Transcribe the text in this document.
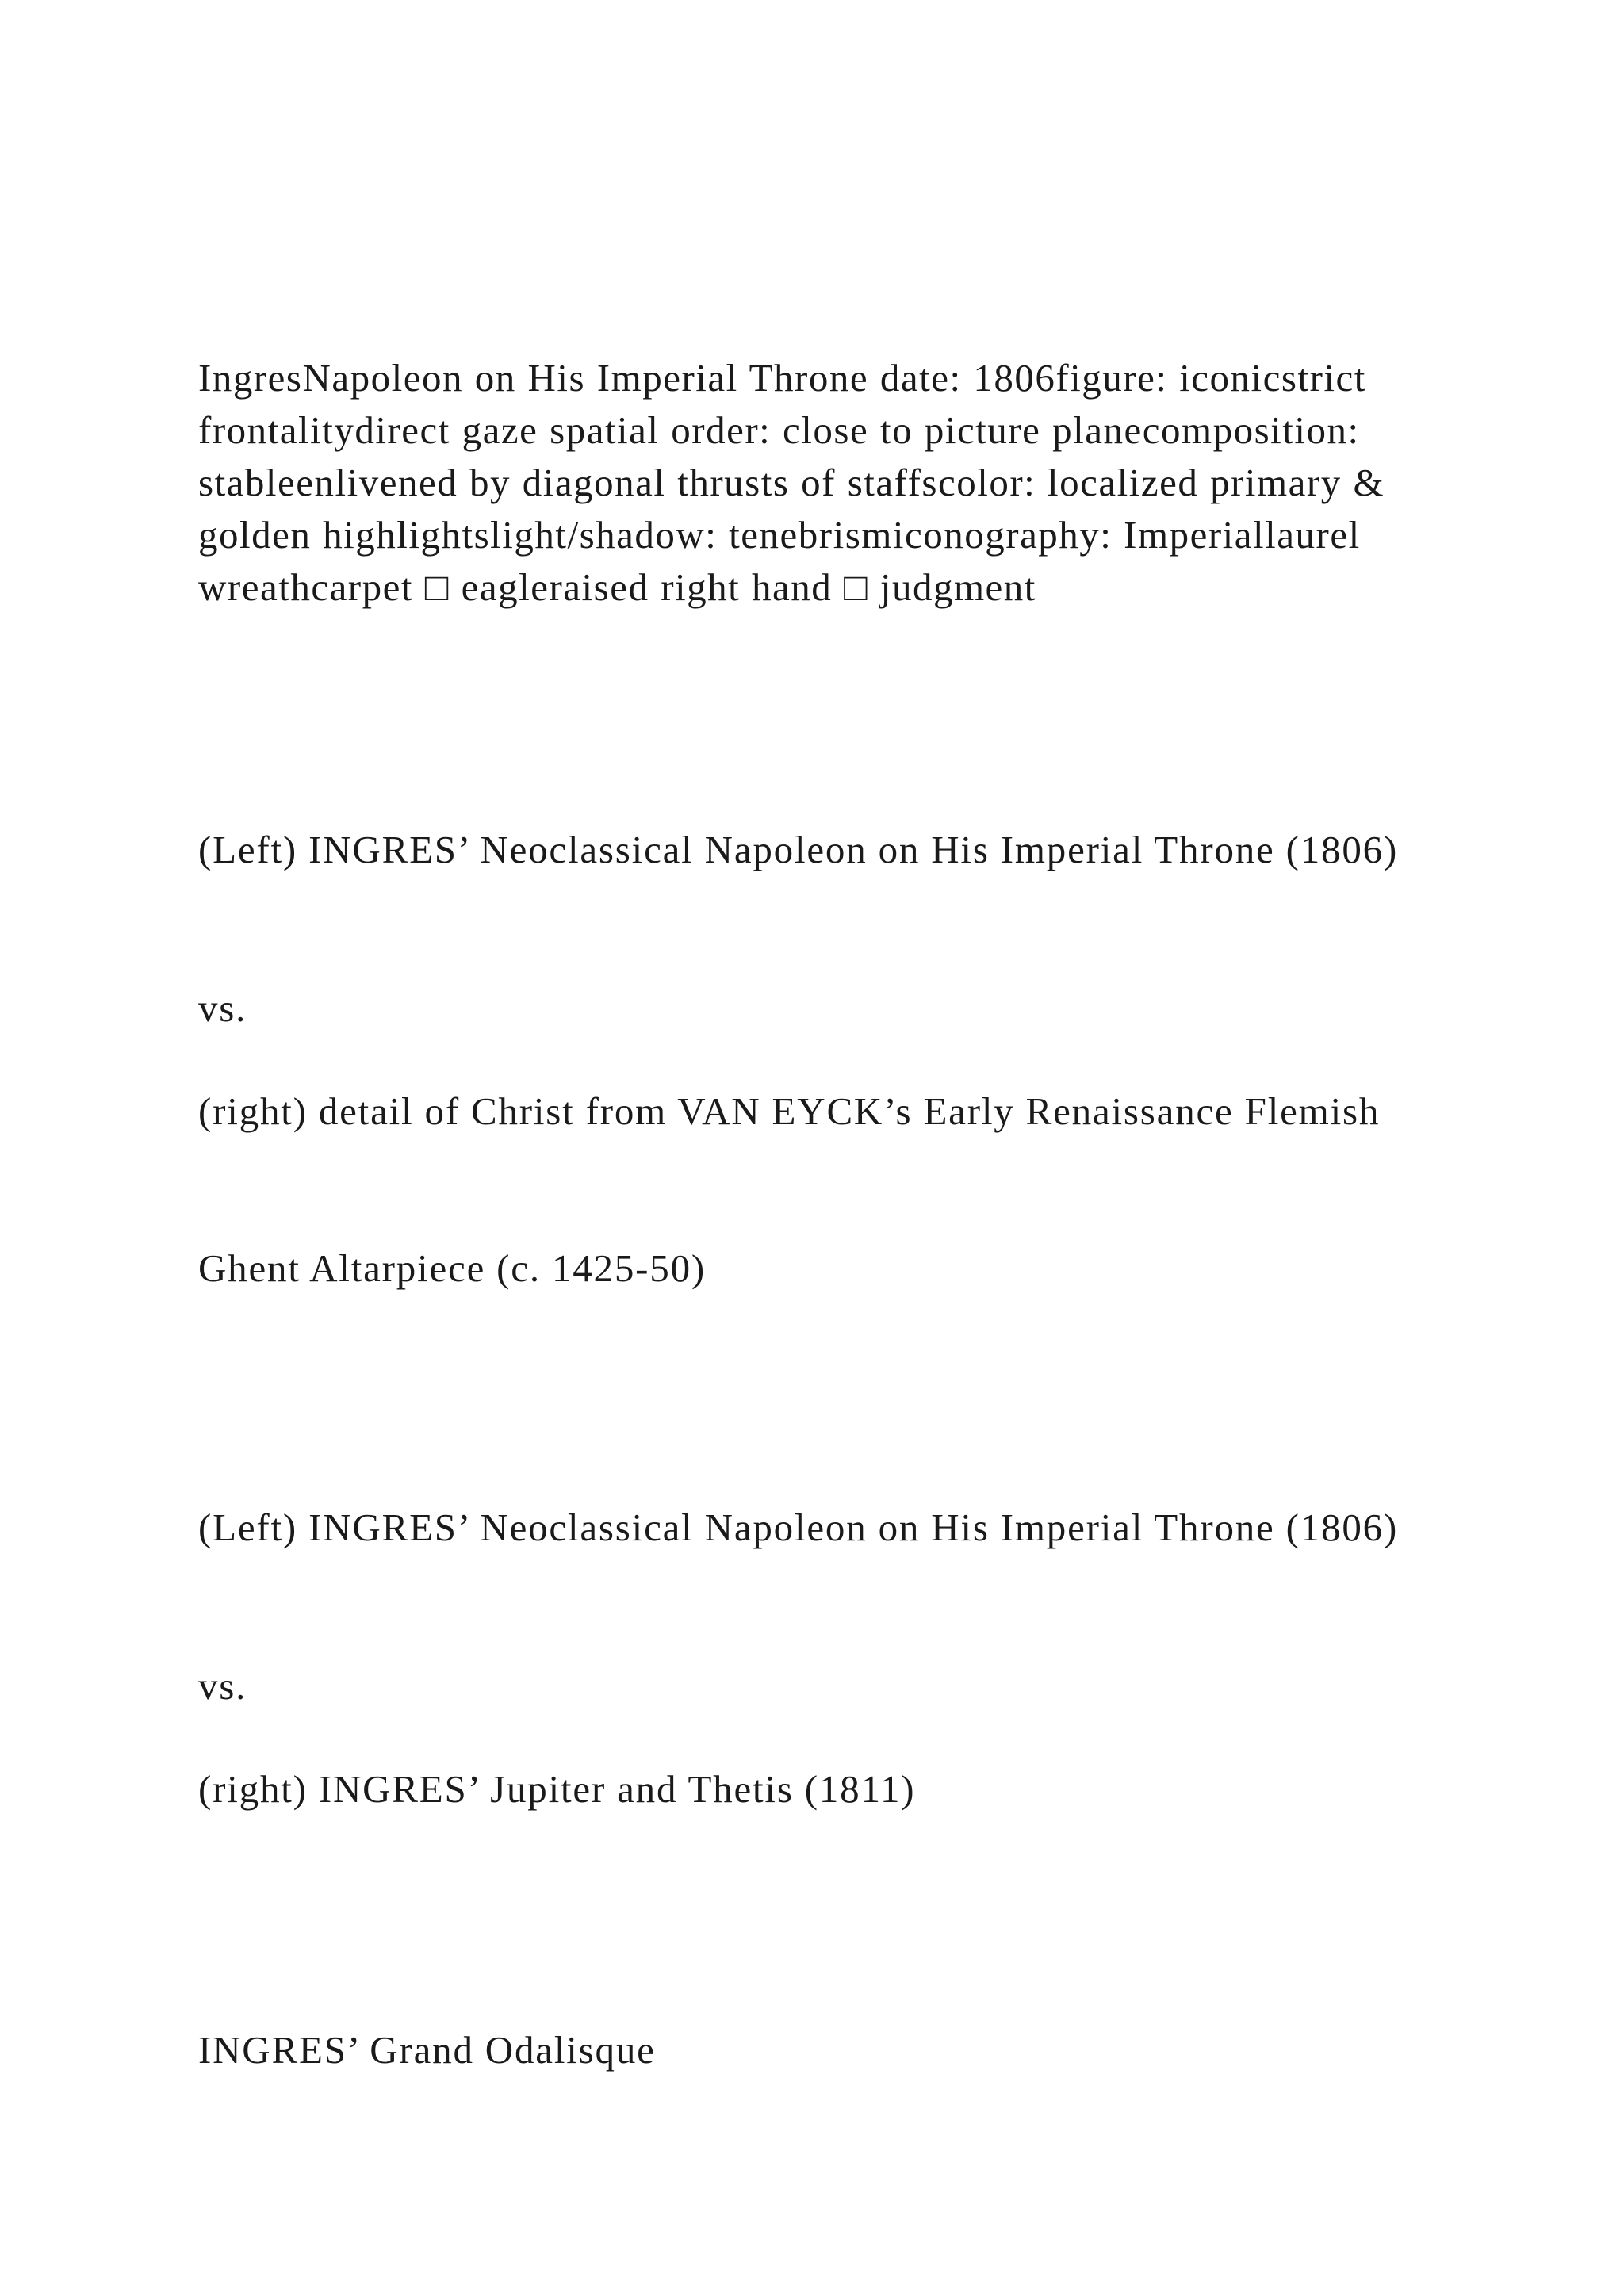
IngresNapoleon on His Imperial Throne date: 1806figure: iconicstrict frontalitydirect gaze spatial order: close to picture planecomposition: stableenlivened by diagonal thrusts of staffscolor: localized primary & golden highlightslight/shadow: tenebrismiconography: Imperiallaurel wreathcarpet □ eagleraised right hand □ judgment

(Left) INGRES’ Neoclassical Napoleon on His Imperial Throne (1806)

vs.

(right) detail of Christ from VAN EYCK’s Early Renaissance Flemish

Ghent Altarpiece (c. 1425-50)

(Left) INGRES’ Neoclassical Napoleon on His Imperial Throne (1806)

vs.

(right) INGRES’ Jupiter and Thetis (1811)

INGRES’ Grand Odalisque
